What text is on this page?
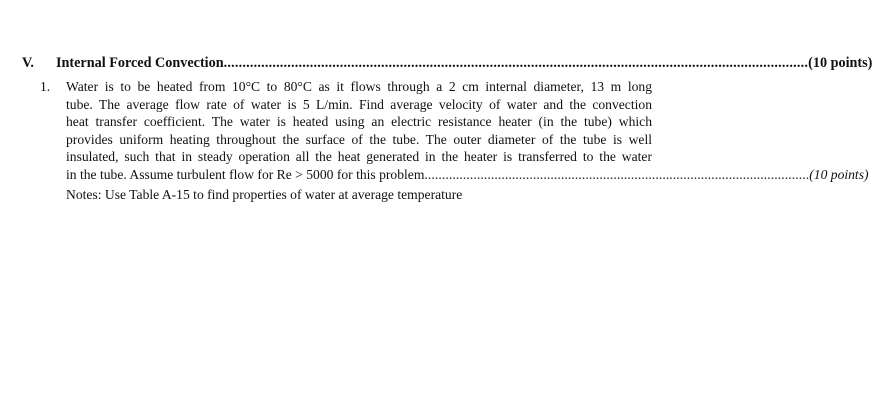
V.	Internal Forced Convection ............................................................................................................................................................ (10 points)
1.	Water is to be heated from 10°C to 80°C as it flows through a 2 cm internal diameter, 13 m long
tube. The average flow rate of water is 5 L/min. Find average velocity of water and the convection
heat transfer coefficient. The water is heated using an electric resistance heater (in the tube) which
provides uniform heating throughout the surface of the tube. The outer diameter of the tube is well
insulated, such that in steady operation all the heat generated in the heater is transferred to the water
in the tube. Assume turbulent flow for Re > 5000 for this problem .............................................................................................................. (10 points)
Notes: Use Table A-15 to find properties of water at average temperature
